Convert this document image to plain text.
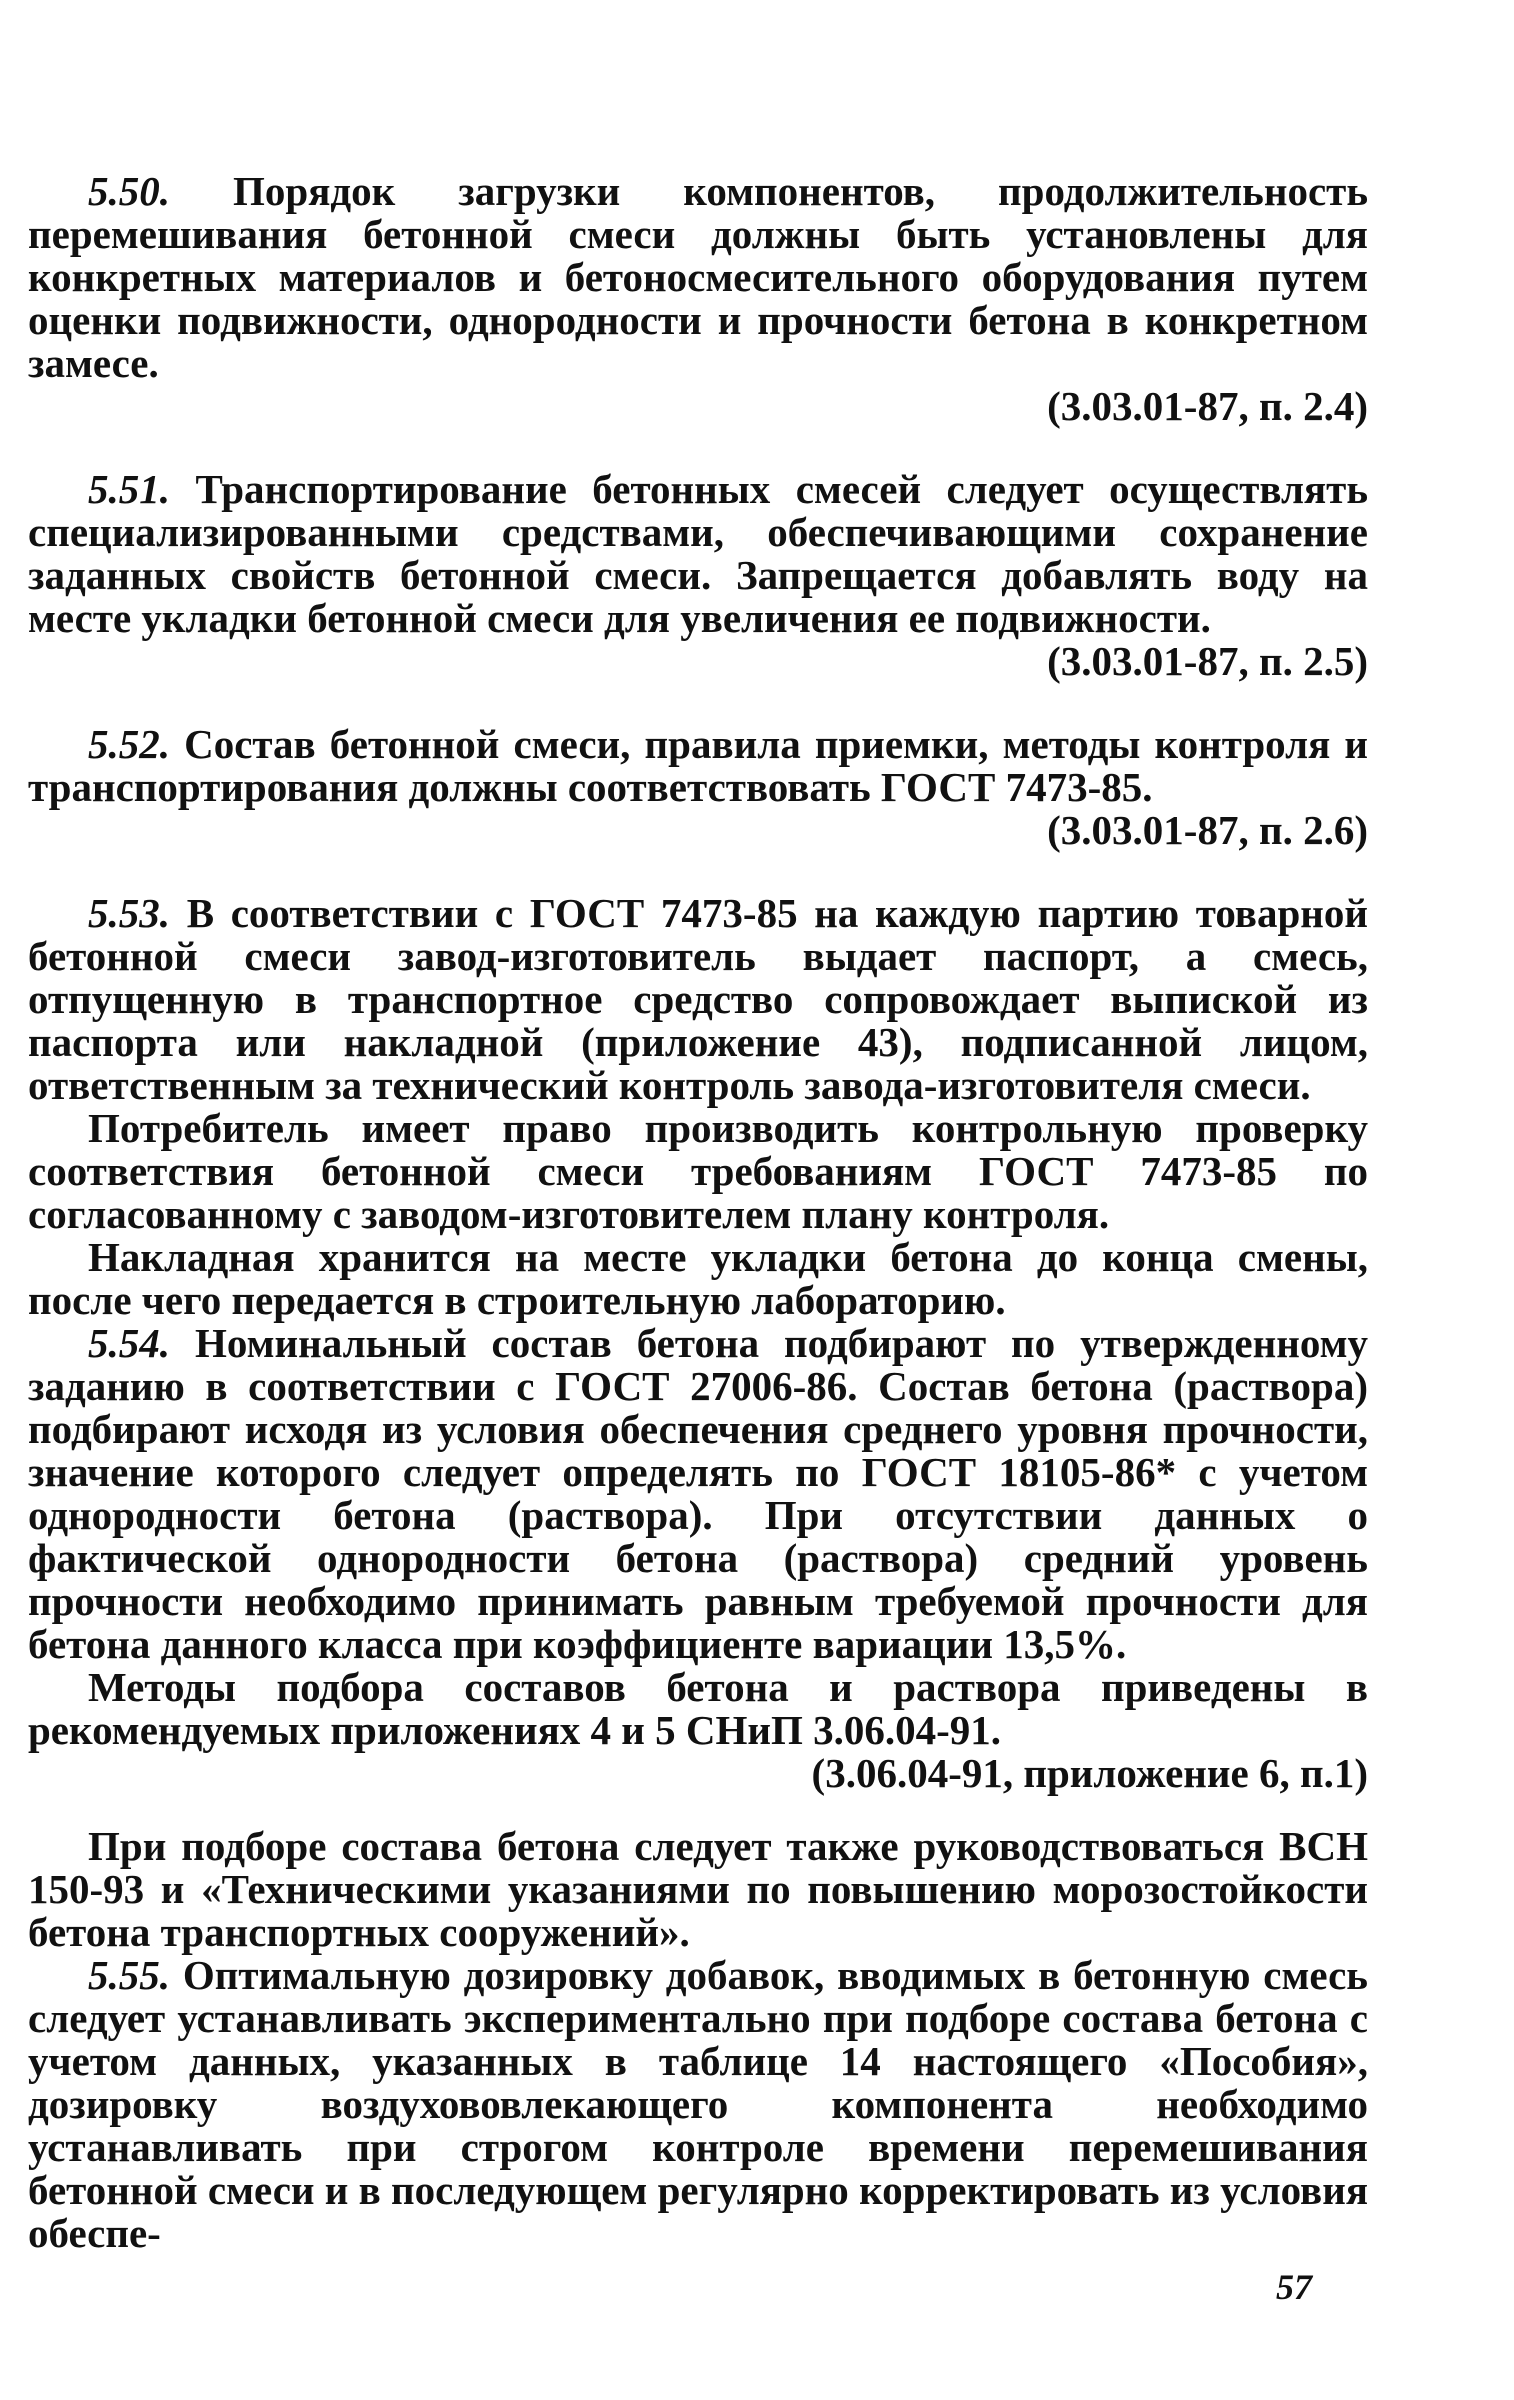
5.50. Порядок загрузки компонентов, продолжительность перемешивания бетонной смеси должны быть установлены для конкретных материалов и бетоносмесительного оборудования путем оценки подвижности, однородности и прочности бетона в конкретном замесе.

(3.03.01-87, п. 2.4)

5.51. Транспортирование бетонных смесей следует осуществлять специализированными средствами, обеспечивающими сохранение заданных свойств бетонной смеси. Запрещается добавлять воду на месте укладки бетонной смеси для увеличения ее подвижности.

(3.03.01-87, п. 2.5)

5.52. Состав бетонной смеси, правила приемки, методы контроля и транспортирования должны соответствовать ГОСТ 7473-85.

(3.03.01-87, п. 2.6)

5.53. В соответствии с ГОСТ 7473-85 на каждую партию товарной бетонной смеси завод-изготовитель выдает паспорт, а смесь, отпущенную в транспортное средство сопровождает выпиской из паспорта или накладной (приложение 43), подписанной лицом, ответственным за технический контроль завода-изготовителя смеси.

Потребитель имеет право производить контрольную проверку соответствия бетонной смеси требованиям ГОСТ 7473-85 по согласованному с заводом-изготовителем плану контроля.

Накладная хранится на месте укладки бетона до конца смены, после чего передается в строительную лабораторию.

5.54. Номинальный состав бетона подбирают по утвержденному заданию в соответствии с ГОСТ 27006-86. Состав бетона (раствора) подбирают исходя из условия обеспечения среднего уровня прочности, значение которого следует определять по ГОСТ 18105-86* с учетом однородности бетона (раствора). При отсутствии данных о фактической однородности бетона (раствора) средний уровень прочности необходимо принимать равным требуемой прочности для бетона данного класса при коэффициенте вариации 13,5%.

Методы подбора составов бетона и раствора приведены в рекомендуемых приложениях 4 и 5 СНиП 3.06.04-91.

(3.06.04-91, приложение 6, п.1)

При подборе состава бетона следует также руководствоваться ВСН 150-93 и «Техническими указаниями по повышению морозостойкости бетона транспортных сооружений».

5.55. Оптимальную дозировку добавок, вводимых в бетонную смесь следует устанавливать экспериментально при подборе состава бетона с учетом данных, указанных в таблице 14 настоящего «Пособия», дозировку воздухововлекающего компонента необходимо устанавливать при строгом контроле времени перемешивания бетонной смеси и в последующем регулярно корректировать из условия обеспе-

57
